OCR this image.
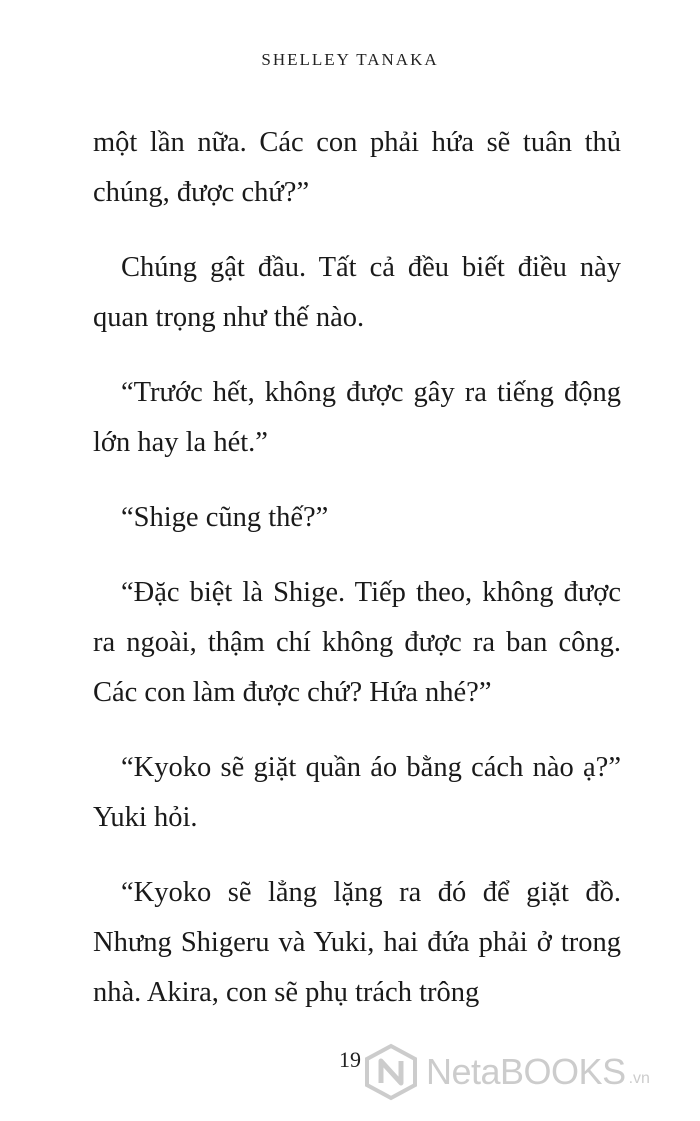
SHELLEY TANAKA

một lần nữa. Các con phải hứa sẽ tuân thủ chúng, được chứ?”

Chúng gật đầu. Tất cả đều biết điều này quan trọng như thế nào.

“Trước hết, không được gây ra tiếng động lớn hay la hét.”

“Shige cũng thế?”

“Đặc biệt là Shige. Tiếp theo, không được ra ngoài, thậm chí không được ra ban công. Các con làm được chứ? Hứa nhé?”

“Kyoko sẽ giặt quần áo bằng cách nào ạ?” Yuki hỏi.

“Kyoko sẽ lẳng lặng ra đó để giặt đồ. Nhưng Shigeru và Yuki, hai đứa phải ở trong nhà. Akira, con sẽ phụ trách trông

19	NetaBOOKS .vn
